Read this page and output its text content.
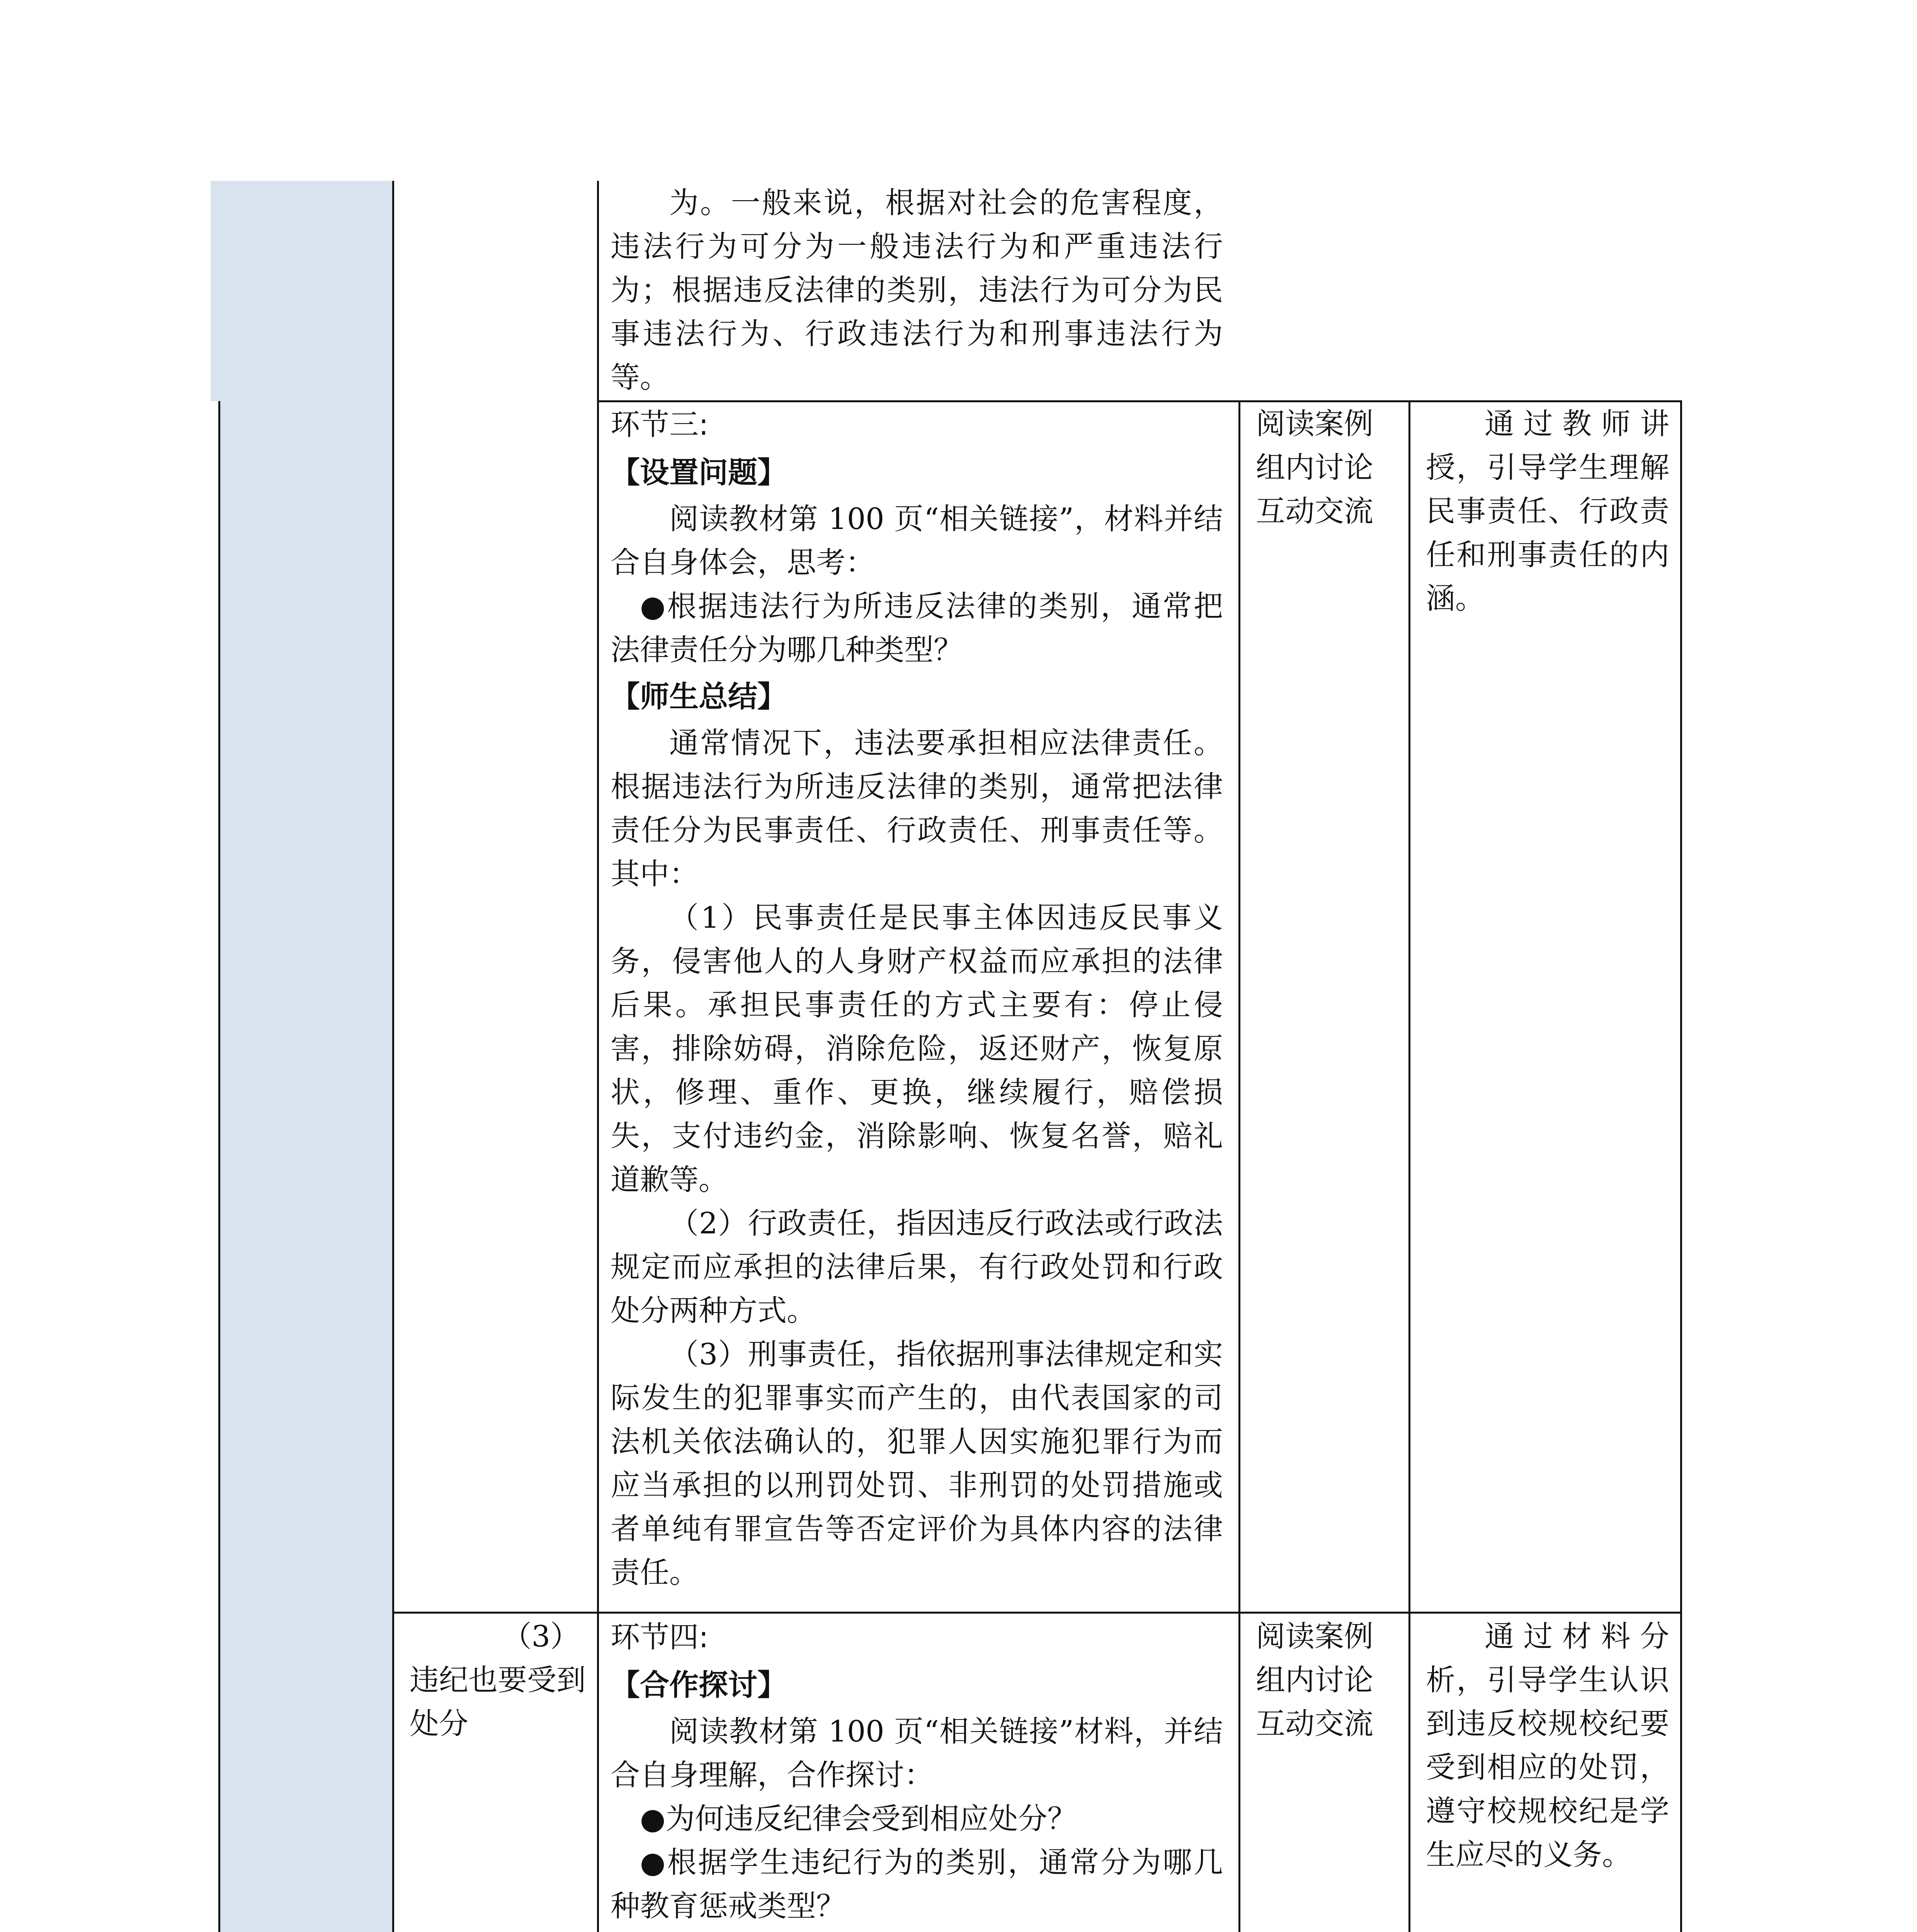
为。一般来说，根据对社会的危害程度，违法行为可分为一般违法行为和严重违法行为；根据违反法律的类别，违法行为可分为民事违法行为、行政违法行为和刑事违法行为等。

环节三:

【设置问题】

阅读教材第 100 页“相关链接”，材料并结合自身体会，思考：

●根据违法行为所违反法律的类别，通常把法律责任分为哪几种类型？

【师生总结】

通常情况下，违法要承担相应法律责任。根据违法行为所违反法律的类别，通常把法律责任分为民事责任、行政责任、刑事责任等。其中：

（1）民事责任是民事主体因违反民事义务，侵害他人的人身财产权益而应承担的法律后果。承担民事责任的方式主要有：停止侵害，排除妨碍，消除危险，返还财产，恢复原状，修理、重作、更换，继续履行，赔偿损失，支付违约金，消除影响、恢复名誉，赔礼道歉等。

（2）行政责任，指因违反行政法或行政法规定而应承担的法律后果，有行政处罚和行政处分两种方式。

（3）刑事责任，指依据刑事法律规定和实际发生的犯罪事实而产生的，由代表国家的司法机关依法确认的，犯罪人因实施犯罪行为而应当承担的以刑罚处罚、非刑罚的处罚措施或者单纯有罪宣告等否定评价为具体内容的法律责任。

阅读案例

组内讨论

互动交流

通过教师讲授，引导学生理解民事责任、行政责任和刑事责任的内涵。

（3）

违纪也要受到处分

环节四:

【合作探讨】

阅读教材第 100 页“相关链接”材料，并结合自身理解，合作探讨：

●为何违反纪律会受到相应处分？

●根据学生违纪行为的类别，通常分为哪几种教育惩戒类型？

阅读案例

组内讨论

互动交流

通过材料分析，引导学生认识到违反校规校纪要受到相应的处罚，遵守校规校纪是学生应尽的义务。
